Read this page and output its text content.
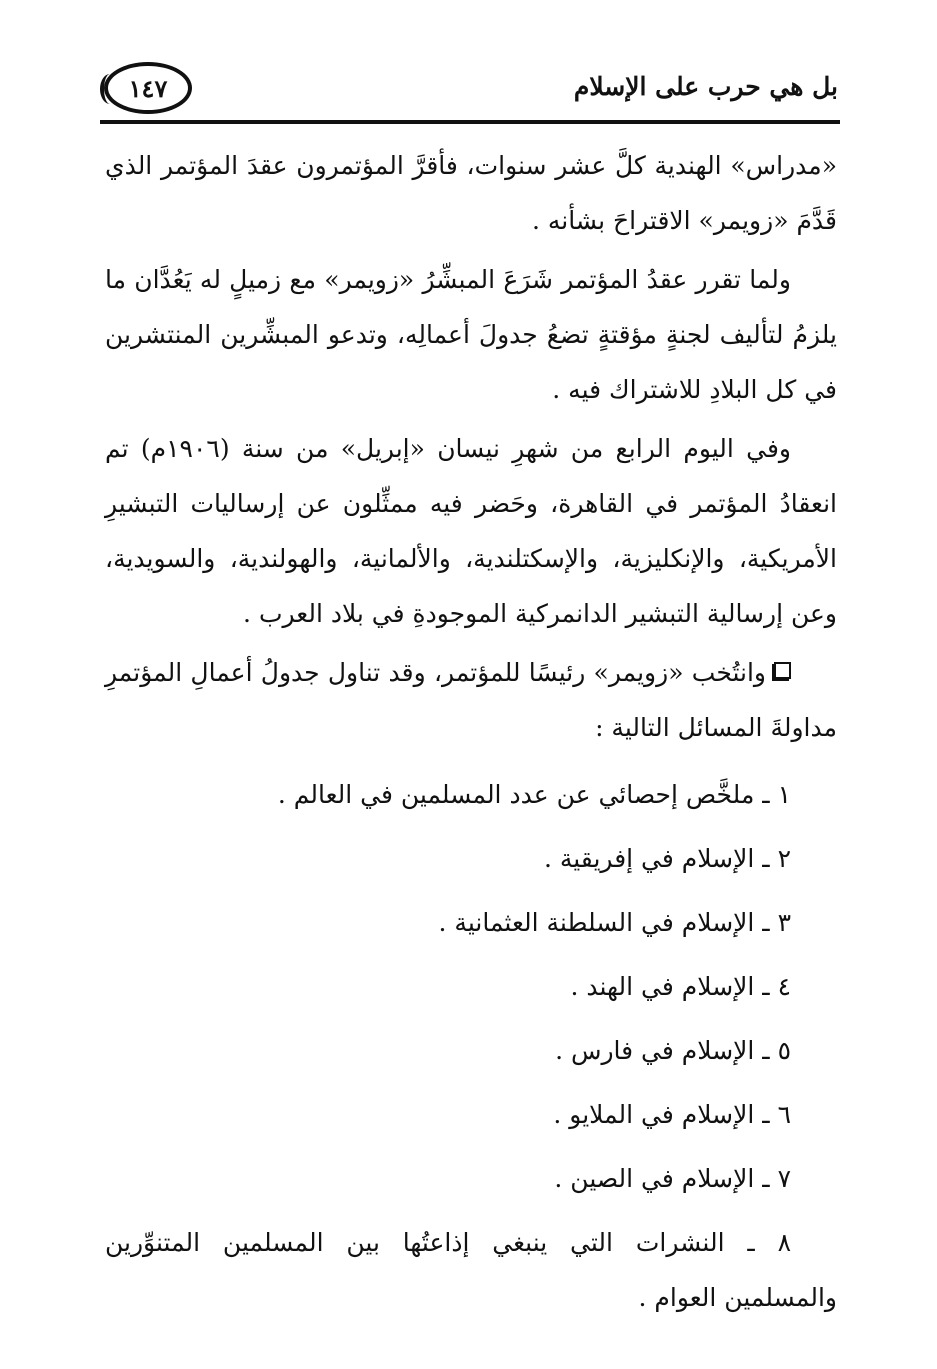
بل هي حرب على الإسلام
١٤٧

«مدراس» الهندية كلَّ عشر سنوات، فأقرَّ المؤتمرون عقدَ المؤتمر الذي قَدَّمَ «زويمر» الاقتراحَ بشأنه .

ولما تقرر عقدُ المؤتمر شَرَعَ المبشِّرُ «زويمر» مع زميلٍ له يَعُدَّان ما يلزمُ لتأليف لجنةٍ مؤقتةٍ تضعُ جدولَ أعمالِه، وتدعو المبشِّرين المنتشرين في كل البلادِ للاشتراك فيه .

وفي اليوم الرابع من شهرِ نيسان «إبريل» من سنة (١٩٠٦م) تم انعقادُ المؤتمر في القاهرة، وحَضر فيه ممثِّلون عن إرساليات التبشيرِ الأمريكية، والإنكليزية، والإسكتلندية، والألمانية، والهولندية، والسويدية، وعن إرسالية التبشير الدانمركية الموجودةِ في بلاد العرب .

وانتُخب «زويمر» رئيسًا للمؤتمر، وقد تناول جدولُ أعمالِ المؤتمرِ مداولةَ المسائل التالية :

١ ـ ملخَّص إحصائي عن عدد المسلمين في العالم .

٢ ـ الإسلام في إفريقية .

٣ ـ الإسلام في السلطنة العثمانية .

٤ ـ الإسلام في الهند .

٥ ـ الإسلام في فارس .

٦ ـ الإسلام في الملايو .

٧ ـ الإسلام في الصين .

٨ ـ النشرات التي ينبغي إذاعتُها بين المسلمين المتنوِّرين والمسلمين العوام .
